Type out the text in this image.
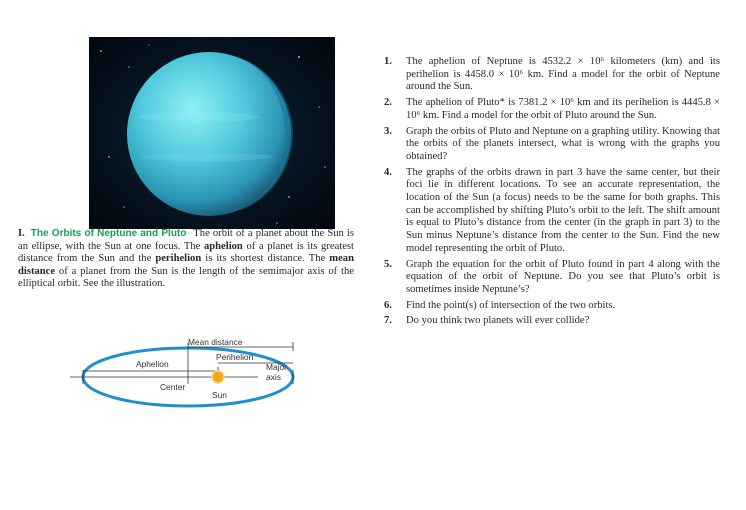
I. The Orbits of Neptune and Pluto The orbit of a planet about the Sun is an ellipse, with the Sun at one focus. The aphelion of a planet is its greatest distance from the Sun and the perihelion is its shortest distance. The mean distance of a planet from the Sun is the length of the semimajor axis of the elliptical orbit. See the illustration.
Mean distance
Aphelion
Perihelion
Sun
Center
Major
axis
1. The aphelion of Neptune is 4532.2 × 10⁶ kilometers (km) and its perihelion is 4458.0 × 10⁶ km. Find a model for the orbit of Neptune around the Sun.
2. The aphelion of Pluto* is 7381.2 × 10⁶ km and its perihelion is 4445.8 × 10⁶ km. Find a model for the orbit of Pluto around the Sun.
3. Graph the orbits of Pluto and Neptune on a graphing utility. Knowing that the orbits of the planets intersect, what is wrong with the graphs you obtained?
4. The graphs of the orbits drawn in part 3 have the same center, but their foci lie in different locations. To see an accurate representation, the location of the Sun (a focus) needs to be the same for both graphs. This can be accomplished by shifting Pluto’s orbit to the left. The shift amount is equal to Pluto’s distance from the center (in the graph in part 3) to the Sun minus Neptune’s distance from the center to the Sun. Find the new model representing the orbit of Pluto.
5. Graph the equation for the orbit of Pluto found in part 4 along with the equation of the orbit of Neptune. Do you see that Pluto’s orbit is sometimes inside Neptune’s?
6. Find the point(s) of intersection of the two orbits.
7. Do you think two planets will ever collide?
